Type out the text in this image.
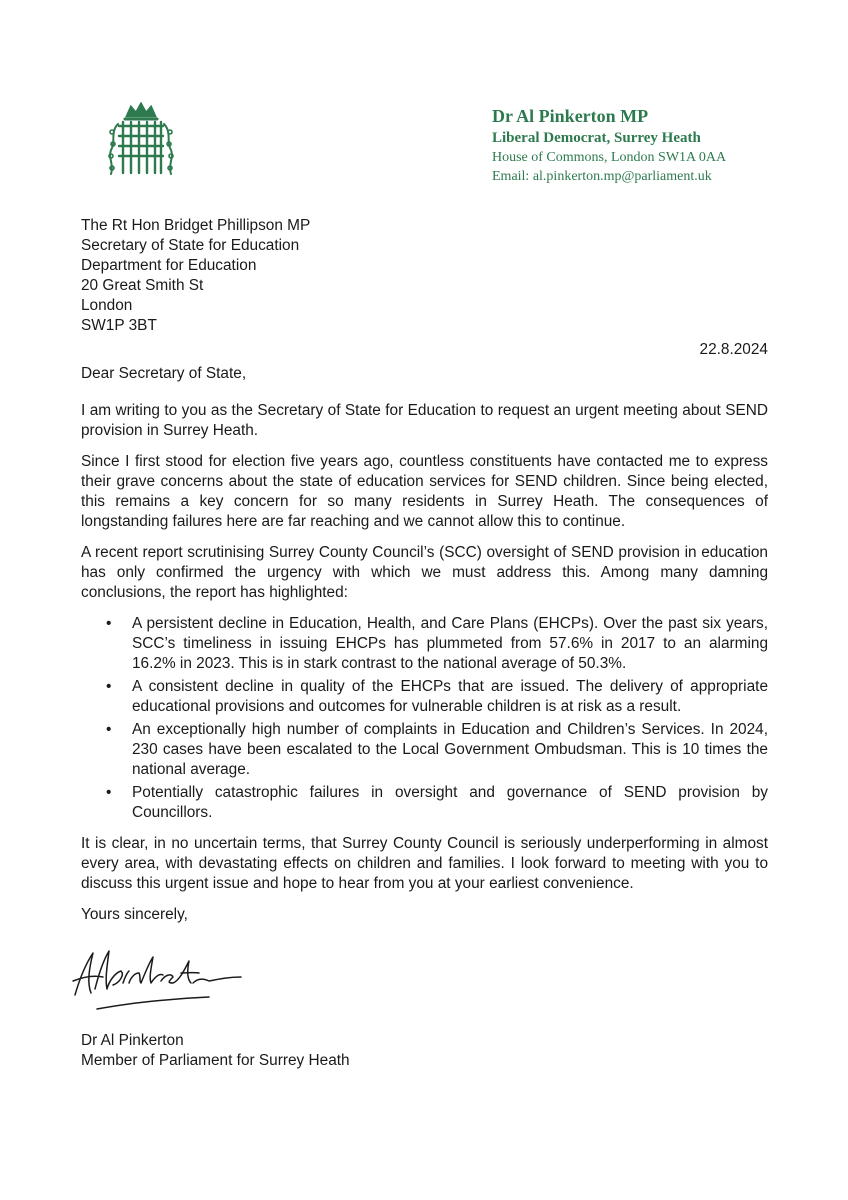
Dr Al Pinkerton MP
Liberal Democrat, Surrey Heath
House of Commons, London SW1A 0AA
Email: al.pinkerton.mp@parliament.uk
The Rt Hon Bridget Phillipson MP
Secretary of State for Education
Department for Education
20 Great Smith St
London
SW1P 3BT
22.8.2024

Dear Secretary of State,

I am writing to you as the Secretary of State for Education to request an urgent meeting about SEND provision in Surrey Heath.

Since I first stood for election five years ago, countless constituents have contacted me to express their grave concerns about the state of education services for SEND children. Since being elected, this remains a key concern for so many residents in Surrey Heath. The consequences of longstanding failures here are far reaching and we cannot allow this to continue.

A recent report scrutinising Surrey County Council’s (SCC) oversight of SEND provision in education has only confirmed the urgency with which we must address this. Among many damning conclusions, the report has highlighted:

• A persistent decline in Education, Health, and Care Plans (EHCPs). Over the past six years, SCC’s timeliness in issuing EHCPs has plummeted from 57.6% in 2017 to an alarming 16.2% in 2023. This is in stark contrast to the national average of 50.3%.
• A consistent decline in quality of the EHCPs that are issued. The delivery of appropriate educational provisions and outcomes for vulnerable children is at risk as a result.
• An exceptionally high number of complaints in Education and Children’s Services. In 2024, 230 cases have been escalated to the Local Government Ombudsman. This is 10 times the national average.
• Potentially catastrophic failures in oversight and governance of SEND provision by Councillors.

It is clear, in no uncertain terms, that Surrey County Council is seriously underperforming in almost every area, with devastating effects on children and families. I look forward to meeting with you to discuss this urgent issue and hope to hear from you at your earliest convenience.

Yours sincerely,

Dr Al Pinkerton
Member of Parliament for Surrey Heath
